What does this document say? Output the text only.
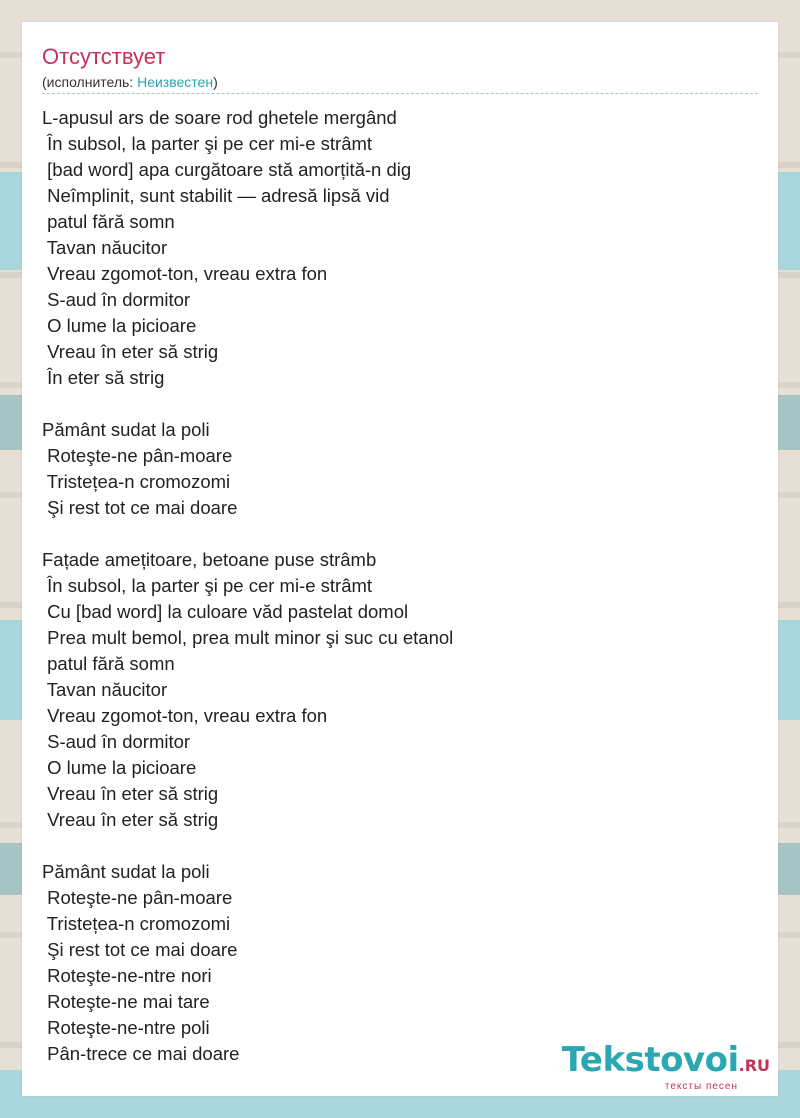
Отсутствует
(исполнитель: Неизвестен)
L-apusul ars de soare rod ghetele mergând
În subsol, la parter şi pe cer mi-e strâmt
[bad word] apa curgătoare stă amorțită-n dig
Neîmplinit, sunt stabilit — adresă lipsă vid
patul fără somn
Tavan năucitor
Vreau zgomot-ton, vreau extra fon
S-aud în dormitor
O lume la picioare
Vreau în eter să strig
În eter să strig
Pământ sudat la poli
Roteşte-ne pân-moare
Tristețea-n cromozomi
Şi rest tot ce mai doare
Fațade amețitoare, betoane puse strâmb
În subsol, la parter şi pe cer mi-e strâmt
Cu [bad word] la culoare văd pastelat domol
Prea mult bemol, prea mult minor şi suc cu etanol
patul fără somn
Tavan năucitor
Vreau zgomot-ton, vreau extra fon
S-aud în dormitor
O lume la picioare
Vreau în eter să strig
Vreau în eter să strig
Pământ sudat la poli
Roteşte-ne pân-moare
Tristețea-n cromozomi
Şi rest tot ce mai doare
Roteşte-ne-ntre nori
Roteşte-ne mai tare
Roteşte-ne-ntre poli
Pân-trece ce mai doare	Tekstovoi.RU
тексты песен
